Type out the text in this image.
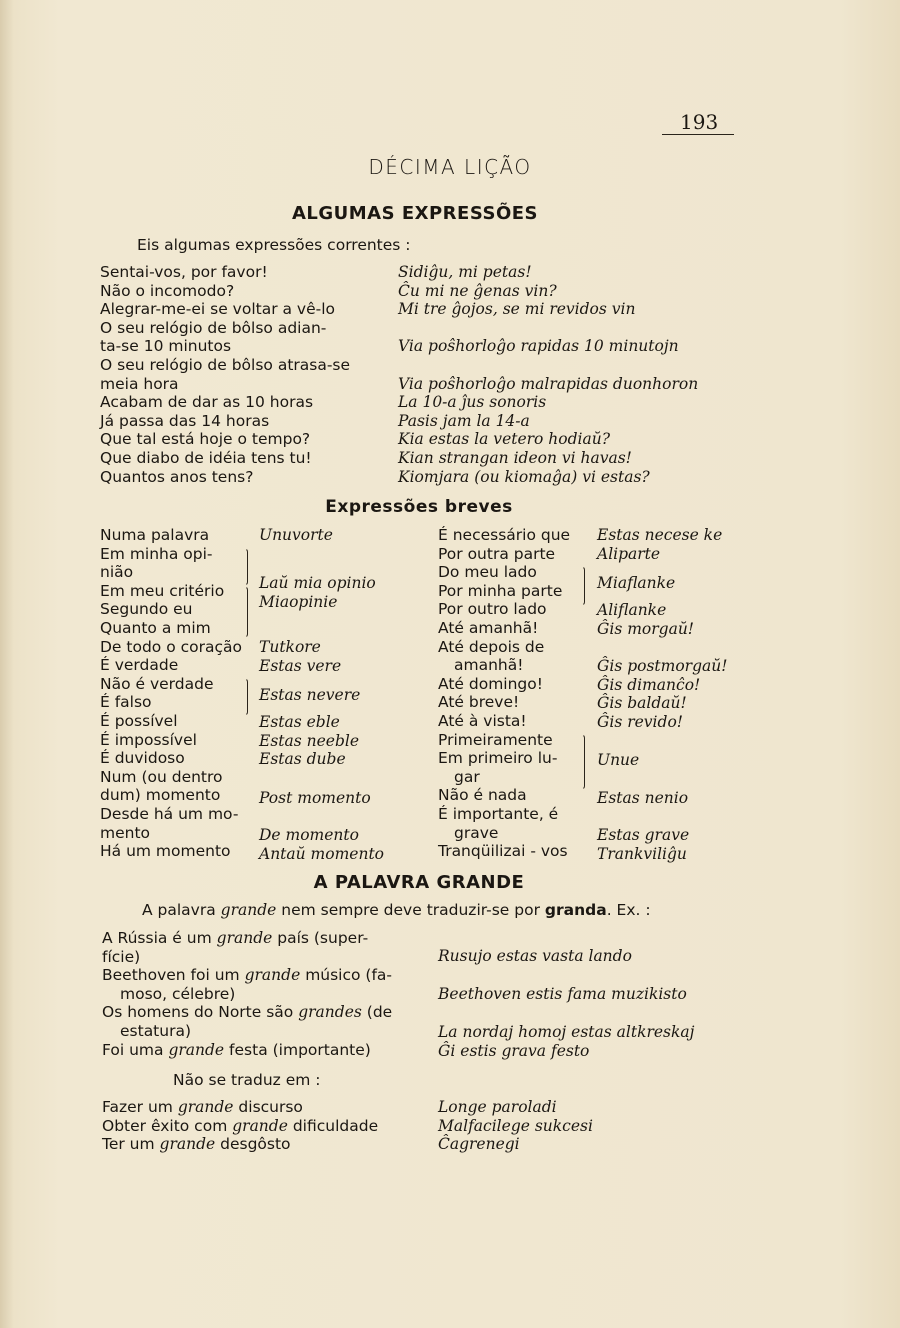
193
DÉCIMA LIÇÃO
ALGUMAS EXPRESSÕES
Eis algumas expressões correntes :
Sentai-vos, por favor!
Não o incomodo?
Alegrar-me-ei se voltar a vê-lo
O seu relógio de bôlso adian-
ta-se 10 minutos
O seu relógio de bôlso atrasa-se
meia hora
Acabam de dar as 10 horas
Já passa das 14 horas
Que tal está hoje o tempo?
Que diabo de idéia tens tu!
Quantos anos tens?
Sidiĝu, mi petas!
Ĉu mi ne ĝenas vin?
Mi tre ĝojos, se mi revidos vin
Via poŝhorloĝo rapidas 10 minutojn
Via poŝhorloĝo malrapidas duonhoron
La 10-a ĵus sonoris
Pasis jam la 14-a
Kia estas la vetero hodiaŭ?
Kian strangan ideon vi havas!
Kiomjara (ou kiomaĝa) vi estas?
Expressões breves
Numa palavra
Em minha opi-
nião
Em meu critério
Segundo eu
Quanto a mim
De todo o coração
É verdade
Não é verdade
É falso
É possível
É impossível
É duvidoso
Num (ou dentro
dum) momento
Desde há um mo-
mento
Há um momento
Unuvorte
Laŭ mia opinio
Miaopinie
Tutkore
Estas vere
Estas nevere
Estas eble
Estas neeble
Estas dube
Post momento
De momento
Antaŭ momento
É necessário que
Por outra parte
Do meu lado
Por minha parte
Por outro lado
Até amanhã!
Até depois de
amanhã!
Até domingo!
Até breve!
Até à vista!
Primeiramente
Em primeiro lu-
gar
Não é nada
É importante, é
grave
Tranqüilizai - vos
Estas necese ke
Aliparte
Miaflanke
Aliflanke
Ĝis morgaŭ!
Ĝis postmorgaŭ!
Ĝis dimanĉo!
Ĝis baldaŭ!
Ĝis revido!
Unue
Estas nenio
Estas grave
Trankviliĝu
A PALAVRA GRANDE
A palavra grande nem sempre deve traduzir-se por granda. Ex. :
A Rússia é um grande país (super-
fície)
Beethoven foi um grande músico (fa-
moso, célebre)
Os homens do Norte são grandes (de
estatura)
Foi uma grande festa (importante)
Rusujo estas vasta lando
Beethoven estis fama muzikisto
La nordaj homoj estas altkreskaj
Ĝi estis grava festo
Não se traduz em :
Fazer um grande discurso
Obter êxito com grande dificuldade
Ter um grande desgôsto
Longe paroladi
Malfacilege sukcesi
Ĉagrenegi
